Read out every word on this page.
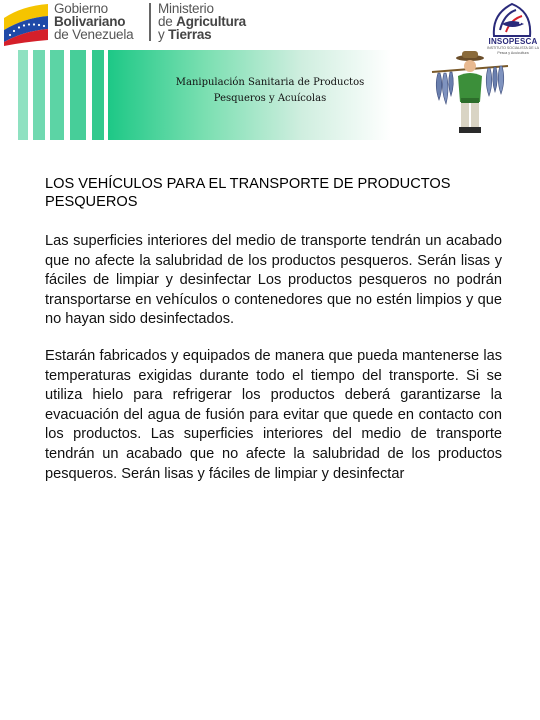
Gobierno
Bolivariano
de Venezuela
Ministerio
de Agricultura
y Tierras	INSOPESCA
INSTITUTO SOCIALISTA DE LA
Pesca y Acuicultura
Manipulación Sanitaria de Productos
Pesqueros y Acuícolas
LOS VEHÍCULOS PARA EL TRANSPORTE DE PRODUCTOS PESQUEROS
Las superficies interiores del medio de transporte tendrán un acabado que no afecte la salubridad de los productos pesqueros. Serán lisas y fáciles de limpiar y desinfectar Los productos pesqueros no podrán transportarse en vehículos o contenedores que no estén limpios y que no hayan sido desinfectados.
Estarán fabricados y equipados de manera que pueda mantenerse las temperaturas exigidas durante todo el tiempo del transporte. Si se utiliza hielo para refrigerar los productos deberá garantizarse la evacuación del agua de fusión para evitar que quede en contacto con los productos. Las superficies interiores del medio de transporte tendrán un acabado que no afecte la salubridad de los productos pesqueros. Serán lisas y fáciles de limpiar y desinfectar
